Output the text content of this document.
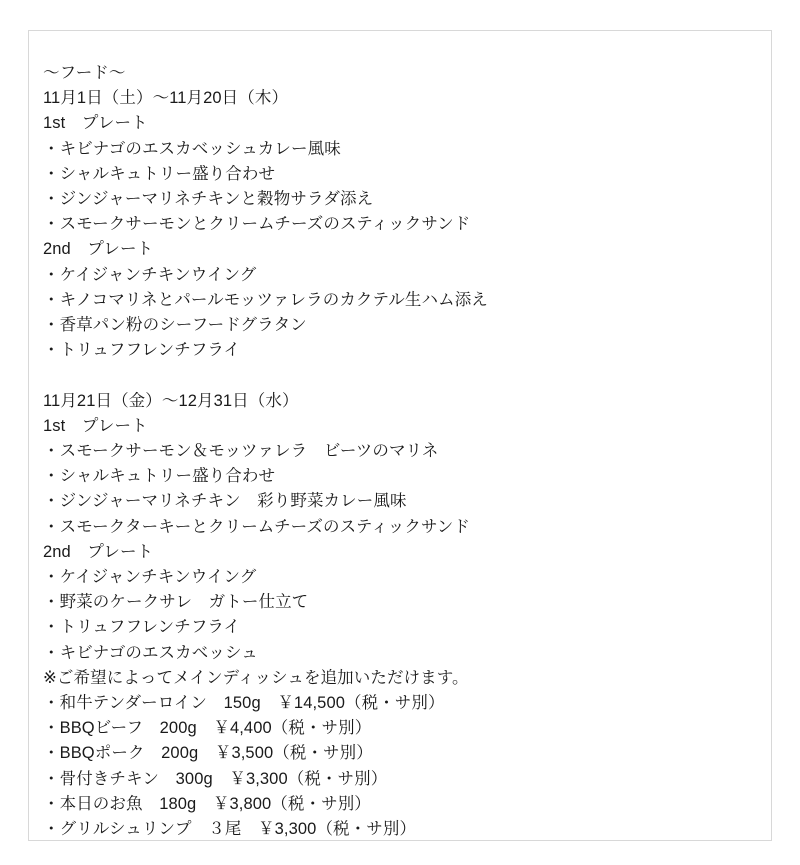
～フード～
11月1日（土）～11月20日（木）
1st　プレート
・キビナゴのエスカベッシュカレー風味
・シャルキュトリー盛り合わせ
・ジンジャーマリネチキンと穀物サラダ添え
・スモークサーモンとクリームチーズのスティックサンド
2nd　プレート
・ケイジャンチキンウイング
・キノコマリネとパールモッツァレラのカクテル生ハム添え
・香草パン粉のシーフードグラタン
・トリュフフレンチフライ
11月21日（金）～12月31日（水）
1st　プレート
・スモークサーモン＆モッツァレラ　ビーツのマリネ
・シャルキュトリー盛り合わせ
・ジンジャーマリネチキン　彩り野菜カレー風味
・スモークターキーとクリームチーズのスティックサンド
2nd　プレート
・ケイジャンチキンウイング
・野菜のケークサレ　ガトー仕立て
・トリュフフレンチフライ
・キビナゴのエスカベッシュ
※ご希望によってメインディッシュを追加いただけます。
・和牛テンダーロイン　150g　￥14,500（税・サ別）
・BBQビーフ　200g　￥4,400（税・サ別）
・BBQポーク　200g　￥3,500（税・サ別）
・骨付きチキン　300g　￥3,300（税・サ別）
・本日のお魚　180g　￥3,800（税・サ別）
・グリルシュリンプ　３尾　￥3,300（税・サ別）
